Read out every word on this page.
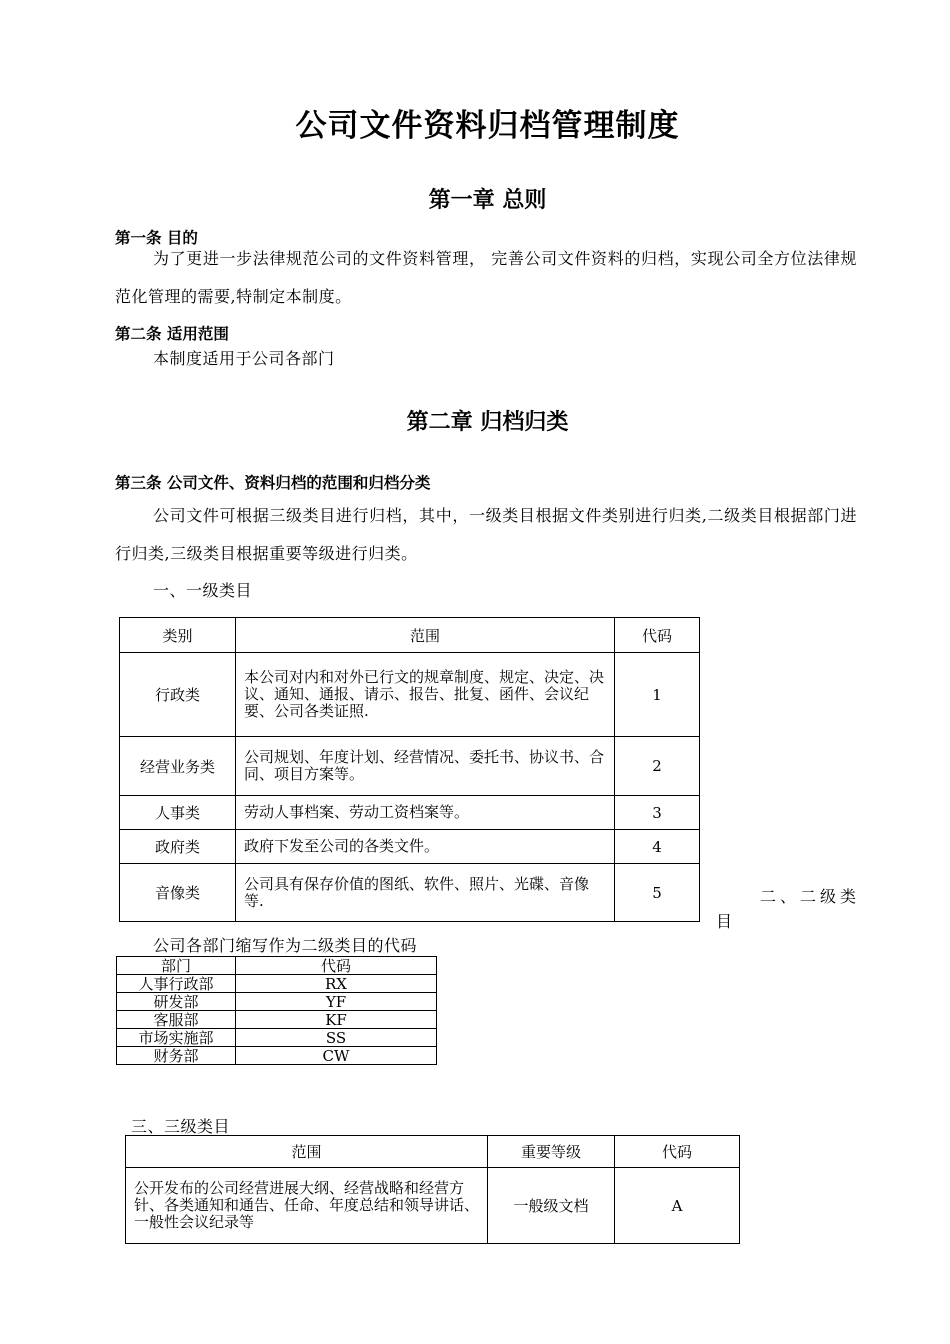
公司文件资料归档管理制度
第一章 总则
第一条 目的
为了更进一步法律规范公司的文件资料管理， 完善公司文件资料的归档，实现公司全方位法律规范化管理的需要,特制定本制度。
第二条 适用范围
本制度适用于公司各部门
第二章 归档归类
第三条 公司文件、资料归档的范围和归档分类
公司文件可根据三级类目进行归档，其中，一级类目根据文件类别进行归类,二级类目根据部门进行归类,三级类目根据重要等级进行归类。
一、一级类目
类别	范围	代码
行政类	本公司对内和对外已行文的规章制度、规定、决定、决议、通知、通报、请示、报告、批复、函件、会议纪要、公司各类证照.	1
经营业务类	公司规划、年度计划、经营情况、委托书、协议书、合同、项目方案等。	2
人事类	劳动人事档案、劳动工资档案等。	3
政府类	政府下发至公司的各类文件。	4
音像类	公司具有保存价值的图纸、软件、照片、光碟、音像等.	5	二、二级类
目
公司各部门缩写作为二级类目的代码
部门	代码
人事行政部	RX
研发部	YF
客服部	KF
市场实施部	SS
财务部	CW
三、三级类目
范围	重要等级	代码
公开发布的公司经营进展大纲、经营战略和经营方针、各类通知和通告、任命、年度总结和领导讲话、一般性会议纪录等	一般级文档	A
